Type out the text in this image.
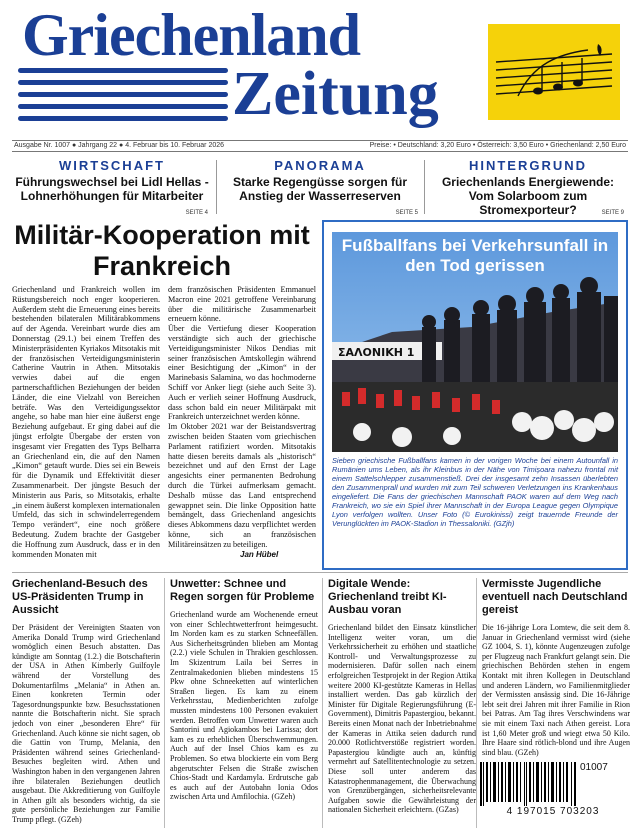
Griechenland
Zeitung
Ausgabe Nr. 1007 ● Jahrgang 22 ● 4. Februar bis 10. Februar 2026	Preise: • Deutschland: 3,20 Euro • Österreich: 3,50 Euro • Griechenland: 2,50 Euro
WIRTSCHAFT
Führungswechsel bei Lidl Hellas - Lohnerhöhungen für Mitarbeiter
SEITE 4
PANORAMA
Starke Regengüsse sorgen für Anstieg der Wasserreserven
SEITE 5
HINTERGRUND
Griechenlands Energiewende: Vom Solarboom zum Stromexporteur?	SEITE 9
Militär-Kooperation mit Frankreich

Griechenland und Frankreich wollen im Rüstungsbereich noch enger kooperieren. Außerdem steht die Erneuerung eines bereits bestehenden bilateralen Militärabkommens auf der Agenda. Vereinbart wurde dies am Donnerstag (29.1.) bei einem Treffen des Ministerpräsidenten Kyriakos Mitsotakis mit der französischen Verteidigungsministerin Catherine Vautrin in Athen. Mitsotakis verwies dabei auf die engen partnerschaftlichen Beziehungen der beiden Länder, die eine Vielzahl von Bereichen beträfe. Was den Verteidigungssektor angehe, so habe man hier eine äußerst enge Beziehung aufgebaut. Er ging dabei auf die jüngst erfolgte Übergabe der ersten von insgesamt vier Fregatten des Typs Belharra an Griechenland ein, die auf den Namen „Kimon“ getauft wurde. Dies sei ein Beweis für die Dynamik und Effektivität dieser Zusammenarbeit. Der jüngste Besuch der Ministerin aus Paris, so Mitsotakis, erhalte „in einem äußerst komplexen internationalen Umfeld, das sich in schwindelerregendem Tempo verändert“, eine noch größere Bedeutung. Zudem brachte der Gastgeber die Hoffnung zum Ausdruck, dass er in den kommenden Monaten mit

dem französischen Präsidenten Emmanuel Macron eine 2021 getroffene Vereinbarung über die militärische Zusammenarbeit erneuern könne.

Über die Vertiefung dieser Kooperation verständigte sich auch der griechische Verteidigungsminister Nikos Dendias mit seiner französischen Amtskollegin während einer Besichtigung der „Kimon“ in der Marinebasis Salamina, wo das hochmoderne Schiff vor Anker liegt (siehe auch Seite 3). Auch er verlieh seiner Hoffnung Ausdruck, dass schon bald ein neuer Militärpakt mit Frankreich unterzeichnet werden könne.

Im Oktober 2021 war der Beistandsvertrag zwischen beiden Staaten vom griechischen Parlament ratifiziert worden. Mitsotakis hatte diesen bereits damals als „historisch“ bezeichnet und auf den Ernst der Lage angesichts einer permanenten Bedrohung durch die Türkei aufmerksam gemacht. Deshalb müsse das Land entsprechend gewappnet sein. Die linke Opposition hatte bemängelt, dass Griechenland angesichts dieses Abkommens dazu verpflichtet werden könne, sich an französischen Militäreinsätzen zu beteiligen.

Jan Hübel
ΣΑΛΟΝΙΚΗ 1
Fußballfans bei Verkehrsunfall in den Tod gerissen
Sieben griechische Fußballfans kamen in der vorigen Woche bei einem Autounfall in Rumänien ums Leben, als ihr Kleinbus in der Nähe von Timișoara nahezu frontal mit einem Sattelschlepper zusammenstieß. Drei der insgesamt zehn Insassen überlebten den Zusammenprall und wurden mit zum Teil schweren Verletzungen ins Krankenhaus eingeliefert. Die Fans der griechischen Mannschaft PAOK waren auf dem Weg nach Frankreich, wo sie ein Spiel ihrer Mannschaft in der Europa League gegen Olympique Lyon verfolgen wollten. Unser Foto (© Eurokinissi) zeigt trauernde Freunde der Verunglückten im PAOK-Stadion in Thessaloniki. (GZjh)
Griechenland-Besuch des US-Präsidenten Trump in Aussicht
Der Präsident der Vereinigten Staaten von Amerika Donald Trump wird Griechenland womöglich einen Besuch abstatten. Das kündigte am Sonntag (1.2.) die Botschafterin der USA in Athen Kimberly Guilfoyle während der Vorstellung des Dokumentarfilms „Melania“ in Athen an. Einen konkreten Termin oder Tagesordnungspunkte bzw. Besuchsstationen nannte die Botschafterin nicht. Sie sprach jedoch von einer „besonderen Ehre“ für Griechenland. Auch könne sie nicht sagen, ob die Gattin von Trump, Melania, den Präsidenten während seines Griechenland-Besuches begleiten wird. Athen und Washington haben in den vergangenen Jahren ihre bilateralen Beziehungen deutlich ausgebaut. Die Akkreditierung von Guilfoyle in Athen gilt als besonders wichtig, da sie gute persönliche Beziehungen zur Familie Trump pflegt. (GZeh)
Unwetter: Schnee und Regen sorgen für Probleme
Griechenland wurde am Wochenende erneut von einer Schlechtwetterfront heimgesucht. Im Norden kam es zu starken Schneefällen. Aus Sicherheitsgründen blieben am Montag (2.2.) viele Schulen in Thrakien geschlossen. Im Skizentrum Laila bei Serres in Zentralmakedonien blieben mindestens 15 Pkw ohne Schneeketten auf winterlichen Straßen liegen. Es kam zu einem Verkehrsstau, Medienberichten zufolge mussten mindestens 100 Personen evakuiert werden. Betroffen vom Unwetter waren auch Santorini und Agiokambos bei Larissa; dort kam es zu erheblichen Überschwemmungen. Auch auf der Insel Chios kam es zu Problemen. So etwa blockierte ein vom Berg abgerutschter Felsen die Straße zwischen Chios-Stadt und Kardamyla. Erdrutsche gab es auch auf der Autobahn Ionia Odos zwischen Arta und Amfilochia. (GZeh)
Digitale Wende: Griechenland treibt KI-Ausbau voran
Griechenland bildet den Einsatz künstlicher Intelligenz weiter voran, um die Verkehrssicherheit zu erhöhen und staatliche Kontroll- und Verwaltungsprozesse zu modernisieren. Dafür sollen nach einem erfolgreichen Testprojekt in der Region Attika weitere 2000 KI-gestützte Kameras in Hellas installiert werden. Das gab kürzlich der Minister für Digitale Regierungsführung (E-Government), Dimitris Papastergiou, bekannt. Bereits einen Monat nach der Inbetriebnahme der Kameras in Attika seien dadurch rund 20.000 Rotlichtverstöße registriert worden. Papastergiou kündigte auch an, künftig vermehrt auf Satellitentechnologie zu setzen. Diese soll unter anderem das Katastrophenmanagement, die Überwachung von Grenzübergängen, sicherheitsrelevante Aufgaben sowie die Gewährleistung der nationalen Sicherheit erleichtern. (GZas)
Vermisste Jugendliche eventuell nach Deutschland gereist
Die 16-jährige Lora Lomtew, die seit dem 8. Januar in Griechenland vermisst wird (siehe GZ 1004, S. 1), könnte Augenzeugen zufolge per Flugzeug nach Frankfurt gelangt sein. Die griechischen Behörden stehen in engem Kontakt mit ihren Kollegen in Deutschland und anderen Ländern, wo Familienmitglieder der Vermissten ansässig sind. Die 16-Jährige lebt seit drei Jahren mit ihrer Familie in Rion bei Patras. Am Tag ihres Verschwindens war sie mit einem Taxi nach Athen gereist. Lora ist 1,60 Meter groß und wiegt etwa 50 Kilo. Ihre Haare sind rötlich-blond und ihre Augen sind blau. (GZeh)
01007
4 197015 703203
